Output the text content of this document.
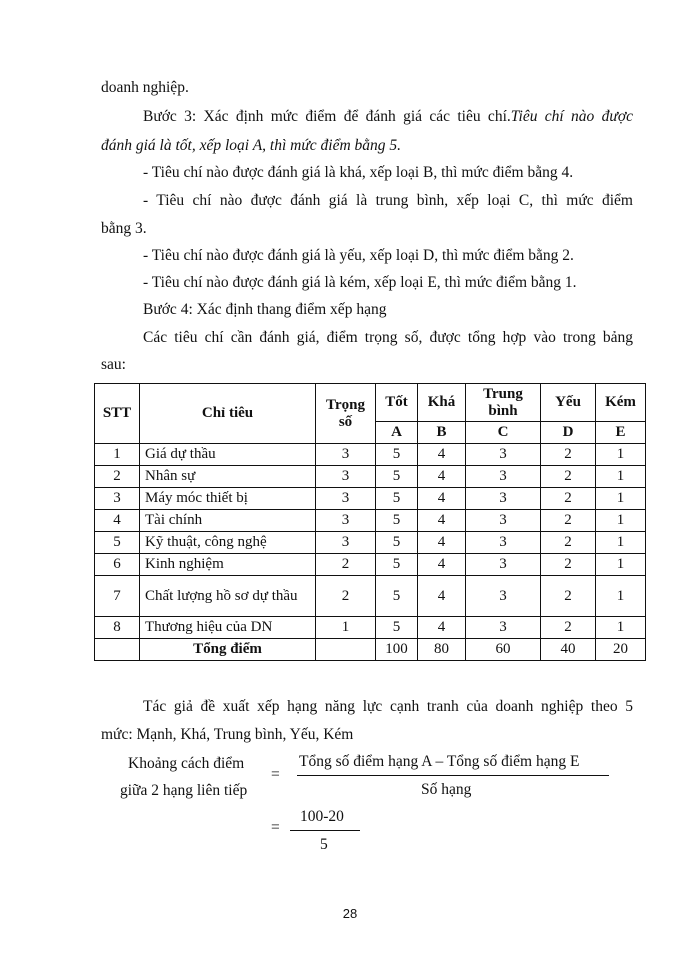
doanh nghiệp.
Bước 3: Xác định mức điểm để đánh giá các tiêu chí.Tiêu chí nào được
đánh giá là tốt, xếp loại A, thì mức điểm bằng 5.
- Tiêu chí nào được đánh giá là khá, xếp loại B, thì mức điểm bằng 4.
- Tiêu chí nào được đánh giá là trung bình, xếp loại C, thì mức điểm
bằng 3.
- Tiêu chí nào được đánh giá là yếu, xếp loại D, thì mức điểm bằng 2.
- Tiêu chí nào được đánh giá là kém, xếp loại E, thì mức điểm bằng 1.
Bước 4: Xác định thang điểm xếp hạng
Các tiêu chí cần đánh giá, điểm trọng số, được tổng hợp vào trong bảng
sau:
STT	Chỉ tiêu	Trọng số	Tốt	Khá	Trung bình	Yếu	Kém
			A	B	C	D	E
1	Giá dự thầu	3	5	4	3	2	1
2	Nhân sự	3	5	4	3	2	1
3	Máy móc thiết bị	3	5	4	3	2	1
4	Tài chính	3	5	4	3	2	1
5	Kỹ thuật, công nghệ	3	5	4	3	2	1
6	Kinh nghiệm	2	5	4	3	2	1
7	Chất lượng hồ sơ dự thầu	2	5	4	3	2	1
8	Thương hiệu của DN	1	5	4	3	2	1
	Tổng điểm		100	80	60	40	20
Tác giả đề xuất xếp hạng năng lực cạnh tranh của doanh nghiệp theo 5
mức: Mạnh, Khá, Trung bình, Yếu, Kém
Khoảng cách điểm
giữa 2 hạng liên tiếp
=
Tổng số điểm hạng A – Tổng số điểm hạng E
Số hạng
=
100-20
5
28
